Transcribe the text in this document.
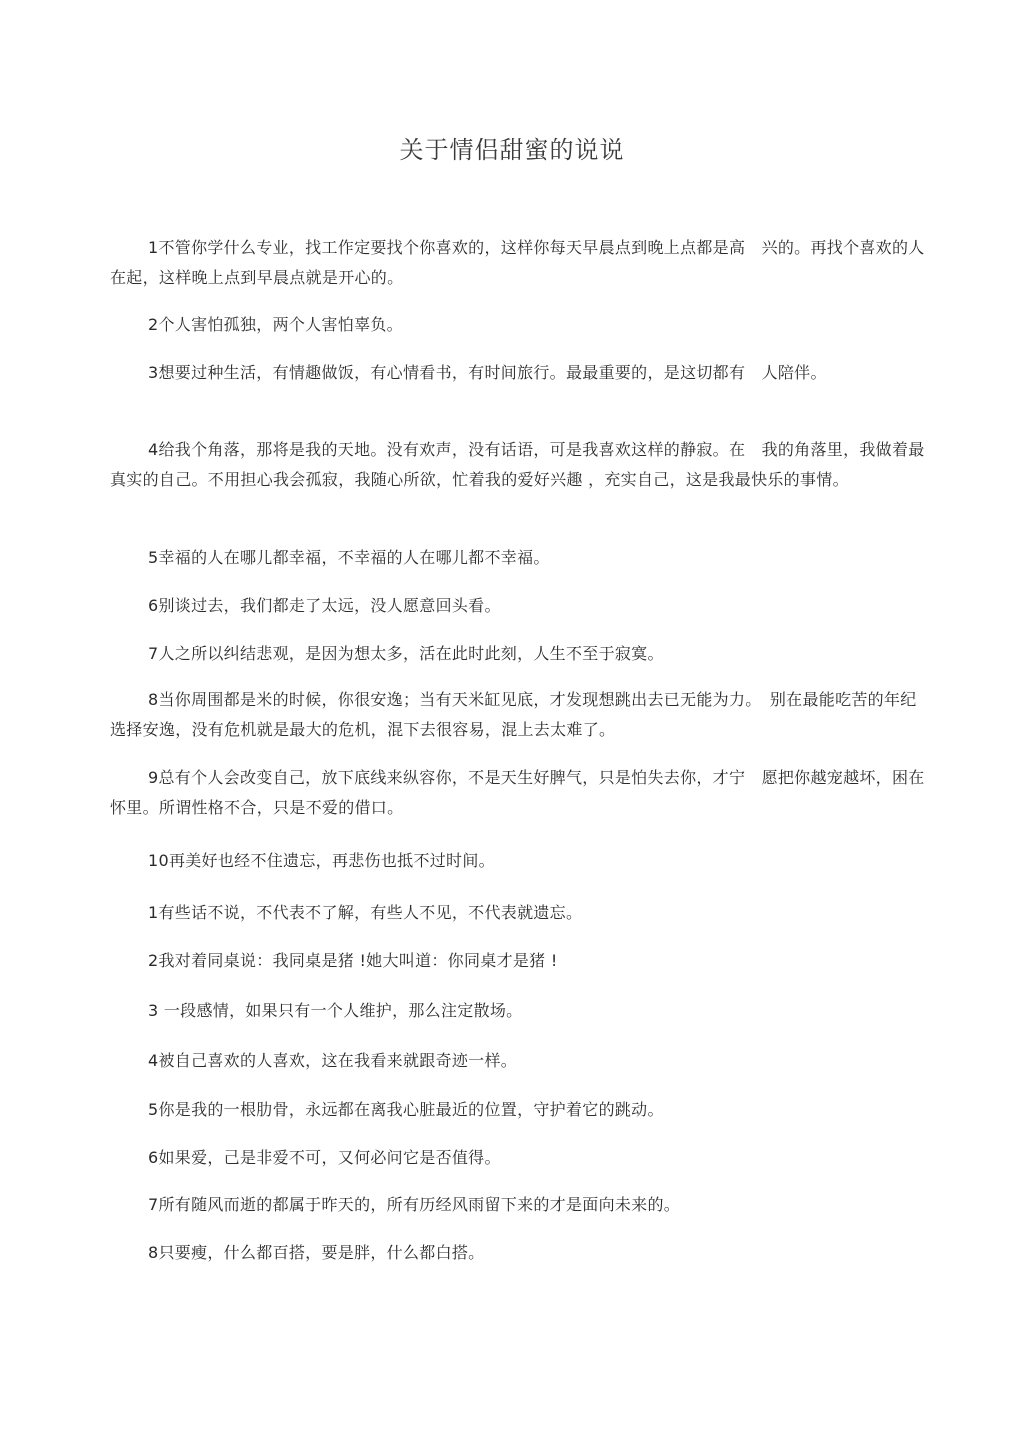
关于情侣甜蜜的说说

1不管你学什么专业，找工作定要找个你喜欢的，这样你每天早晨点到晚上点都是高　兴的。再找个喜欢的人在起，这样晚上点到早晨点就是开心的。

2个人害怕孤独，两个人害怕辜负。

3想要过种生活，有情趣做饭，有心情看书，有时间旅行。最最重要的，是这切都有　人陪伴。

4给我个角落，那将是我的天地。没有欢声，没有话语，可是我喜欢这样的静寂。在　我的角落里，我做着最真实的自己。不用担心我会孤寂，我随心所欲，忙着我的爱好兴趣 ，充实自己，这是我最快乐的事情。

5幸福的人在哪儿都幸福，不幸福的人在哪儿都不幸福。

6别谈过去，我们都走了太远，没人愿意回头看。

7人之所以纠结悲观，是因为想太多，活在此时此刻，人生不至于寂寞。

8当你周围都是米的时候，你很安逸；当有天米缸见底，才发现想跳出去已无能为力。　别在最能吃苦的年纪选择安逸，没有危机就是最大的危机，混下去很容易，混上去太难了。

9总有个人会改变自己，放下底线来纵容你，不是天生好脾气，只是怕失去你，才宁　愿把你越宠越坏，困在怀里。所谓性格不合，只是不爱的借口。

10再美好也经不住遗忘，再悲伤也抵不过时间。

1有些话不说，不代表不了解，有些人不见，不代表就遗忘。

2我对着同桌说：我同桌是猪 !她大叫道：你同桌才是猪 !

3 一段感情，如果只有一个人维护，那么注定散场。

4被自己喜欢的人喜欢，这在我看来就跟奇迹一样。

5你是我的一根肋骨，永远都在离我心脏最近的位置，守护着它的跳动。

6如果爱，己是非爱不可，又何必问它是否值得。

7所有随风而逝的都属于昨天的，所有历经风雨留下来的才是面向未来的。

8只要瘦，什么都百搭，要是胖，什么都白搭。
